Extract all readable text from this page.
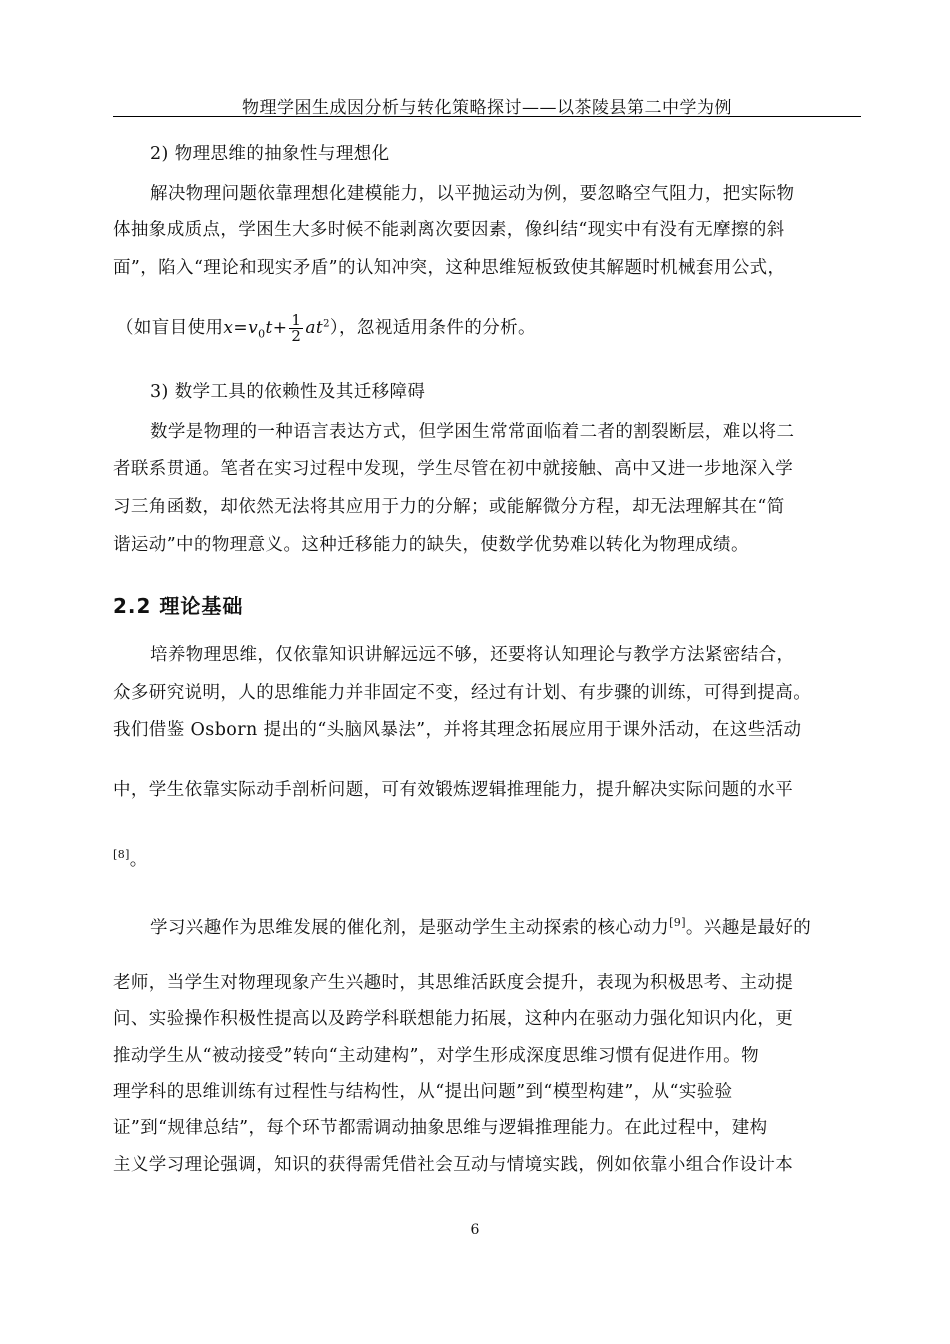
物理学困生成因分析与转化策略探讨——以茶陵县第二中学为例
2) 物理思维的抽象性与理想化
解决物理问题依靠理想化建模能力，以平抛运动为例，要忽略空气阻力，把实际物
体抽象成质点，学困生大多时候不能剥离次要因素，像纠结“现实中有没有无摩擦的斜
面”，陷入“理论和现实矛盾”的认知冲突，这种思维短板致使其解题时机械套用公式，
（如盲目使用$x=v_0t+ \frac{1}{2} at^2$），忽视适用条件的分析。
3) 数学工具的依赖性及其迁移障碍
数学是物理的一种语言表达方式，但学困生常常面临着二者的割裂断层，难以将二
者联系贯通。笔者在实习过程中发现，学生尽管在初中就接触、高中又进一步地深入学
习三角函数，却依然无法将其应用于力的分解；或能解微分方程，却无法理解其在“简
谐运动”中的物理意义。这种迁移能力的缺失，使数学优势难以转化为物理成绩。
2.2 理论基础
培养物理思维，仅依靠知识讲解远远不够，还要将认知理论与教学方法紧密结合，
众多研究说明，人的思维能力并非固定不变，经过有计划、有步骤的训练，可得到提高。
我们借鉴 Osborn 提出的“头脑风暴法”，并将其理念拓展应用于课外活动，在这些活动
中，学生依靠实际动手剖析问题，可有效锻炼逻辑推理能力，提升解决实际问题的水平
[8]。
学习兴趣作为思维发展的催化剂，是驱动学生主动探索的核心动力[9]。兴趣是最好的
老师，当学生对物理现象产生兴趣时，其思维活跃度会提升，表现为积极思考、主动提
问、实验操作积极性提高以及跨学科联想能力拓展，这种内在驱动力强化知识内化，更
推动学生从“被动接受”转向“主动建构”，对学生形成深度思维习惯有促进作用。物
理学科的思维训练有过程性与结构性，从“提出问题”到“模型构建”，从“实验验
证”到“规律总结”，每个环节都需调动抽象思维与逻辑推理能力。在此过程中，建构
主义学习理论强调，知识的获得需凭借社会互动与情境实践，例如依靠小组合作设计本
6
